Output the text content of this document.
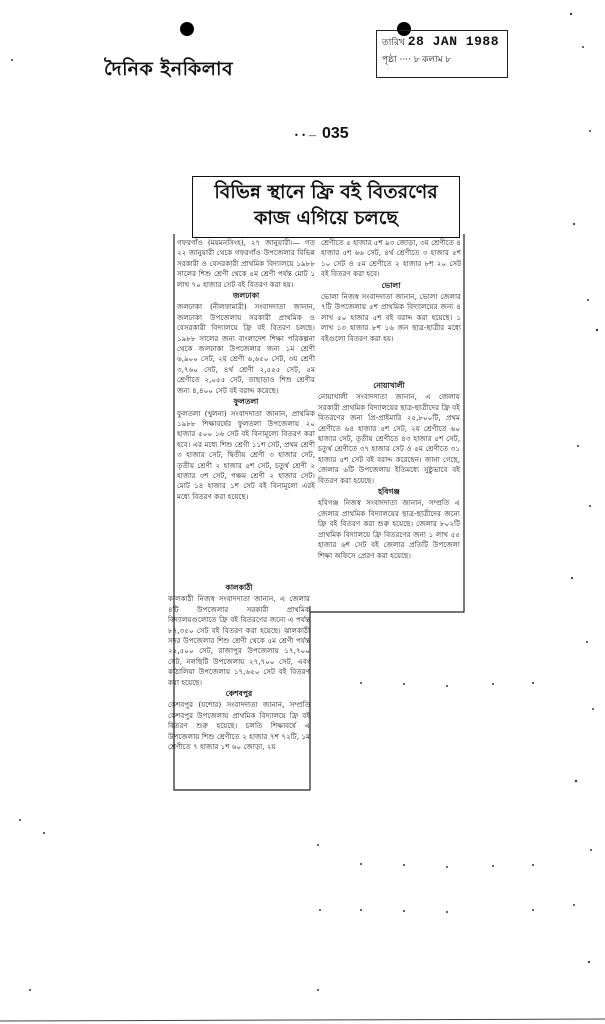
দৈনিক ইনকিলাব
তারিখ 28 JAN 1988
পৃষ্ঠা ···· ৮ কলাম ৮
• • — 035
বিভিন্ন স্থানে ফ্রি বই বিতরণের
কাজ এগিয়ে চলছে

গফরগাঁও (ময়মনসিংহ), ২৭ জানুয়ারী।— গত ২২ জানুয়ারী থেকে গফরগাঁও উপজেলার বিভিন্ন সরকারী ও বেসরকারী প্রাথমিক বিদ্যালয়ে ১৯৮৮ সালের শিশু শ্রেণী থেকে ৫ম শ্রেণী পর্যন্ত মোট ১ লাখ ৭০ হাজার সেট বই বিতরণ করা হয়।

জলঢাকা

জলঢাকা (নীলফামারী) সংবাদদাতা জানান, জলঢাকা উপজেলায় সরকারী প্রাথমিক ও বেসরকারী বিদ্যালয়ে ফ্রি বই বিতরণ চলছে। ১৯৮৮ সালের জন্য বাংলাদেশ শিক্ষা পরিকল্পনা থেকে জলঢাকা উপজেলার জন্য ১ম শ্রেণী ৬,৯০০ সেট, ২য় শ্রেণী ৬,৬৫০ সেট, ৩য় শ্রেণী ৩,৭৬০ সেট, ৪র্থ শ্রেণী ২,৫৫৫ সেট, ৫ম শ্রেণীতে ২,০৫৫ সেট, তাছাড়াও শিশু শ্রেণীর জন্য ৪,৪০০ সেট বই বরাদ্দ করেছে।

ফুলতলা

ফুলতলা (খুলনা) সংবাদদাতা জানান, প্রাথমিক ১৯৮৮ শিক্ষাবর্ষের ফুলতলা উপজেলায় ২০ হাজার ৫০০ ১৬ সেট বই বিনামূল্যে বিতরণ করা হবে। এর মধ্যে শিশু শ্রেণী ১১শ সেট, প্রথম শ্রেণী ৩ হাজার সেট, দ্বিতীয় শ্রেণী ৩ হাজার সেট, তৃতীয় শ্রেণী ২ হাজার ৫শ সেট, চতুর্থ শ্রেণী ২ হাজার ৩শ সেট, পঞ্চম শ্রেণী ২ হাজার সেট। মোট ১৪ হাজার ১শ সেট বই বিনামূল্যে এরই মধ্যে বিতরণ করা হয়েছে।

কালকাঠী

কালকাঠী নিজস্ব সংবাদদাতা জানান, এ জেলার ৪টি উপজেলার সরকারী প্রাথমিক বিদ্যালয়গুলোতে ফ্রি বই বিতরণের জন্যে এ পর্যন্ত ৮৭,৩৫০ সেট বই বিতরণ করা হয়েছে। ঝালকাঠী সদর উপজেলার শিশু শ্রেণী থেকে ৫ম শ্রেণী পর্যন্ত ২২,৫০০ সেট, রাজাপুর উপজেলায় ১৭,৭০০ সেট, নলছিটি উপজেলায় ২৭,৭০০ সেট, এবং কাঠালিয়া উপজেলায় ১৭,৬৫০ সেট বই বিতরণ করা হয়েছে।

কেশবপুর

কেশবপুর (যশোর) সংবাদদাতা জানান, সম্প্রতি কেশবপুর উপজেলায় প্রাথমিক বিদ্যালয়ে ফ্রি বই বিতরণ শুরু হয়েছে। চলতি শিক্ষাবর্ষে এ উপজেলায় শিশু শ্রেণীতে ২ হাজার ৭শ ৭২টি, ১ম শ্রেণীতে ৭ হাজার ১শ ৬০ জোড়া, ২য়

শ্রেণীতে ৫ হাজার ৫শ ৯৩ জোড়া, ৩য় শ্রেণীতে ৪ হাজার ৫শ ৬৬ সেট, ৪র্থ শ্রেণীতে ৩ হাজার ৫শ ১০ সেট ও ৫ম শ্রেণীতে ২ হাজার ৮শ ২০ সেট বই বিতরণ করা হবে।

ভোলা

ভোলা নিজস্ব সংবাদদাতা জানান, ভোলা জেলার ৭টি উপজেলায় ৫শ প্রাথমিক বিদ্যালয়ের জন্য ৪ লাখ ৫০ হাজার ৫শ বই বরাদ্দ করা হয়েছে। ১ লাখ ১৩ হাজার ৮শ ১৬ জন ছাত্র-ছাত্রীর মধ্যে বইগুলো বিতরণ করা হয়।

নোয়াখালী

নোয়াখালী সংবাদদাতা জানান, এ জেলায় সরকারী প্রাথমিক বিদ্যালয়ের ছাত্র-ছাত্রীদের ফ্রি বই বিতরণের জন্য প্রি-প্রাইমারি ২৫,৮০০টি, প্রথম শ্রেণীতে ৬৪ হাজার ৫শ সেট, ২য় শ্রেণীতে ৬০ হাজার সেট, তৃতীয় শ্রেণীতে ৪৩ হাজার ৫শ সেট, চতুর্থ শ্রেণীতে ৩৭ হাজার সেট ও ৫ম শ্রেণীতে ৩১ হাজার ৫শ সেট বই বরাদ্দ করেছেন। জানা গেছে, জেলার ৬টি উপজেলায় ইতিমধ্যে সুষ্ঠুভাবে বই বিতরণ করা হয়েছে।

হবিগঞ্জ

হবিগঞ্জ নিজস্ব সংবাদদাতা জানান, সম্প্রতি এ জেলার প্রাথমিক বিদ্যালয়ের ছাত্র-ছাত্রীদের জন্যে ফ্রি বই বিতরণ করা শুরু হয়েছে। জেলার ৮০২টি প্রাথমিক বিদ্যালয়ে ফ্রি বিতরণের জন্য ১ লাখ ৫৫ হাজার ৬শ সেট বই জেলার প্রতিটি উপজেলা শিক্ষা অফিসে প্রেরণ করা হয়েছে।
